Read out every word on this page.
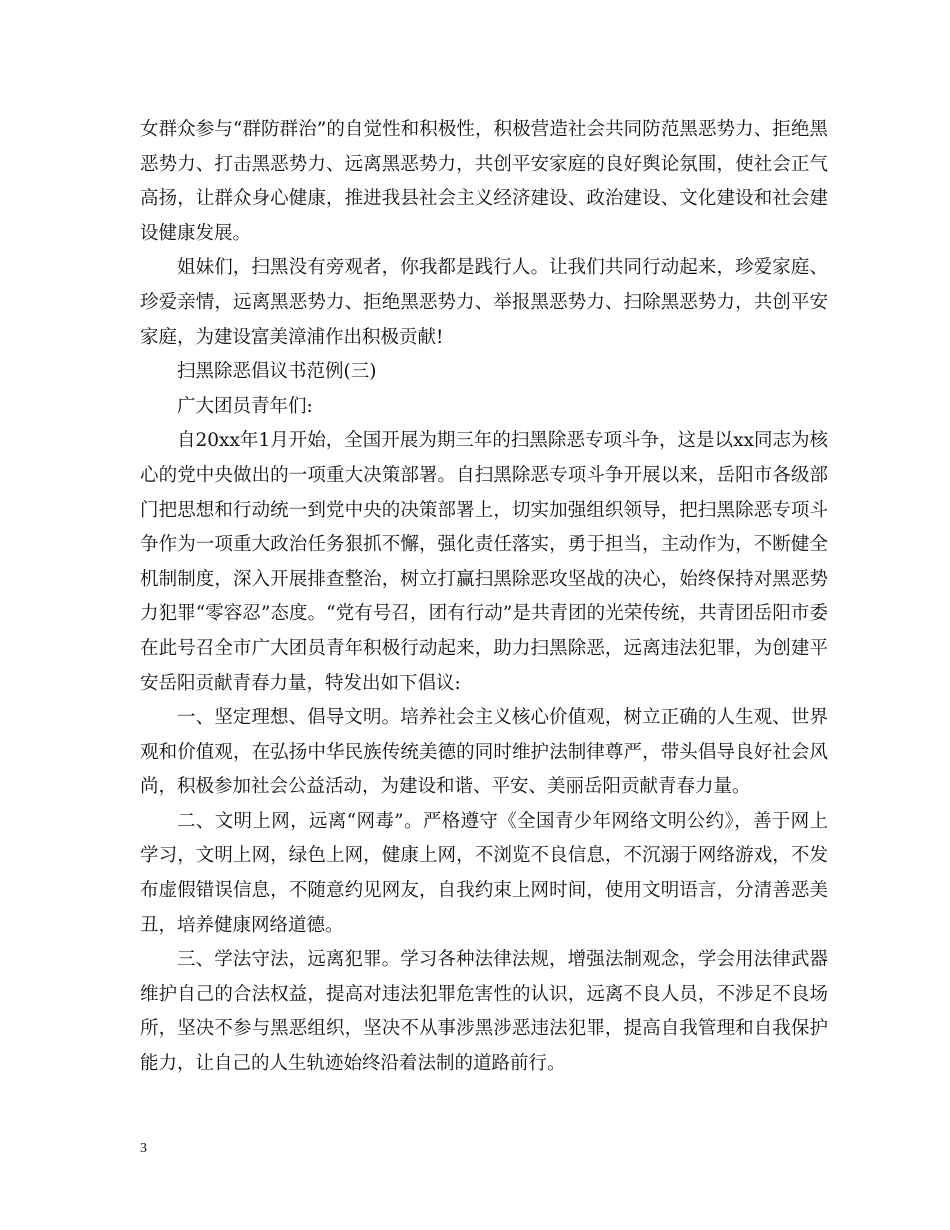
女群众参与“群防群治”的自觉性和积极性，积极营造社会共同防范黑恶势力、拒绝黑恶势力、打击黑恶势力、远离黑恶势力，共创平安家庭的良好舆论氛围，使社会正气高扬，让群众身心健康，推进我县社会主义经济建设、政治建设、文化建设和社会建设健康发展。

姐妹们，扫黑没有旁观者，你我都是践行人。让我们共同行动起来，珍爱家庭、珍爱亲情，远离黑恶势力、拒绝黑恶势力、举报黑恶势力、扫除黑恶势力，共创平安家庭，为建设富美漳浦作出积极贡献!

扫黑除恶倡议书范例(三)

广大团员青年们:

自20xx年1月开始，全国开展为期三年的扫黑除恶专项斗争，这是以xx同志为核心的党中央做出的一项重大决策部署。自扫黑除恶专项斗争开展以来，岳阳市各级部门把思想和行动统一到党中央的决策部署上，切实加强组织领导，把扫黑除恶专项斗争作为一项重大政治任务狠抓不懈，强化责任落实，勇于担当，主动作为，不断健全机制制度，深入开展排查整治，树立打赢扫黑除恶攻坚战的决心，始终保持对黑恶势力犯罪“零容忍”态度。“党有号召，团有行动”是共青团的光荣传统，共青团岳阳市委在此号召全市广大团员青年积极行动起来，助力扫黑除恶，远离违法犯罪，为创建平安岳阳贡献青春力量，特发出如下倡议:

一、坚定理想、倡导文明。培养社会主义核心价值观，树立正确的人生观、世界观和价值观，在弘扬中华民族传统美德的同时维护法制律尊严，带头倡导良好社会风尚，积极参加社会公益活动，为建设和谐、平安、美丽岳阳贡献青春力量。

二、文明上网，远离“网毒”。严格遵守《全国青少年网络文明公约》，善于网上学习，文明上网，绿色上网，健康上网，不浏览不良信息，不沉溺于网络游戏，不发布虚假错误信息，不随意约见网友，自我约束上网时间，使用文明语言，分清善恶美丑，培养健康网络道德。

三、学法守法，远离犯罪。学习各种法律法规，增强法制观念，学会用法律武器维护自己的合法权益，提高对违法犯罪危害性的认识，远离不良人员，不涉足不良场所，坚决不参与黑恶组织，坚决不从事涉黑涉恶违法犯罪，提高自我管理和自我保护能力，让自己的人生轨迹始终沿着法制的道路前行。

3
